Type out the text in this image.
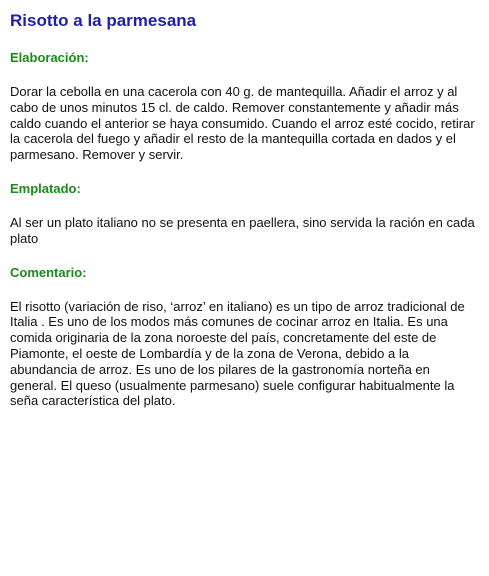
Risotto a la parmesana
Elaboración:

Dorar la cebolla en una cacerola con 40 g. de mantequilla. Añadir el arroz y al cabo de unos minutos 15 cl. de caldo. Remover constantemente y añadir más caldo cuando el anterior se haya consumido. Cuando el arroz esté cocido, retirar la cacerola del fuego y añadir el resto de la mantequilla cortada en dados y el parmesano. Remover y servir.

Emplatado:

Al ser un plato italiano no se presenta en paellera, sino servida la ración en cada plato

Comentario:

El risotto (variación de riso, ‘arroz’ en italiano) es un tipo de arroz tradicional de Italia . Es uno de los modos más comunes de cocinar arroz en Italia. Es una comida originaria de la zona noroeste del país, concretamente del este de Piamonte, el oeste de Lombardía y de la zona de Verona, debido a la abundancia de arroz. Es uno de los pilares de la gastronomía norteña en general. El queso (usualmente parmesano) suele configurar habitualmente la seña característica del plato.
